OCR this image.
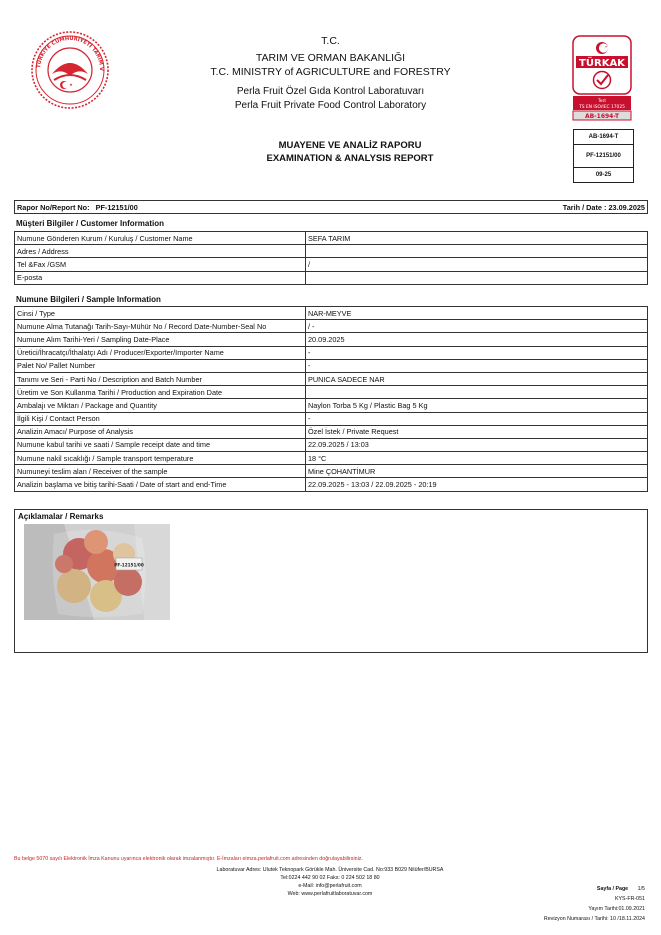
TÜRKİYE CUMHURİYETİ TARIM V
T.C.
TARIM VE ORMAN BAKANLIĞI
T.C. MINISTRY of AGRICULTURE and FORESTRY
Perla Fruit Özel Gıda Kontrol Laboratuvarı
Perla Fruit Private Food Control Laboratory
TÜRKAK
Test
TS EN ISO/IEC 17025
AB-1694-T
MUAYENE VE ANALİZ RAPORU
EXAMINATION & ANALYSIS REPORT
AB-1694-T
PF-12151/00
09-25
Rapor No/Report No: PF-12151/00	Tarih / Date : 23.09.2025
Müşteri Bilgiler / Customer Information
Numune Gönderen Kurum / Kuruluş / Customer Name	SEFA TARIM
Adres / Address	
Tel &Fax /GSM	/
E-posta	
Numune Bilgileri / Sample Information
Cinsi / Type	NAR-MEYVE
Numune Alma Tutanağı Tarih-Sayı-Mühür No / Record Date-Number-Seal No	/ -
Numune Alım Tarihi-Yeri / Sampling Date-Place	20.09.2025
Üretici/İhracatçı/İthalatçı Adı / Producer/Exporter/Importer Name	-
Palet No/ Pallet Number	-
Tanımı ve Seri - Parti No / Description and Batch Number	PUNICA SADECE NAR
Üretim ve Son Kullanma Tarihi / Production and Expiration Date	
Ambalajı ve Miktarı / Package and Quantity	Naylon Torba 5 Kg / Plastic Bag 5 Kg
İlgili Kişi / Contact Person	-
Analizin Amacı/ Purpose of Analysis	Özel İstek / Private Request
Numune kabul tarihi ve saati / Sample receipt date and time	22.09.2025 / 13:03
Numune nakil sıcaklığı / Sample transport temperature	18 °C
Numuneyi teslim alan / Receiver of the sample	Mine ÇOHANTİMUR
Analizin başlama ve bitiş tarihi-Saati / Date of start and end-Time	22.09.2025 - 13:03 / 22.09.2025 - 20:19
Açıklamalar / Remarks
PF-12151/00
Bu belge 5070 sayılı Elektronik İmza Kanunu uyarınca elektronik olarak imzalanmıştır. E-İmzaları eimza.perlafruit.com adresinden doğrulayabilirsiniz.
Laboratuvar Adres: Ulutek Teknopark Görükle Mah. Üniversite Cad. No:933 B029 Nilüfer/BURSA
Tel:0224 442 90 02 Faks: 0 224 502 18 80
e-Mail: info@perlafruit.com
Web: www.perlafruitlaboratuvar.com
Sayfa / Page 1/5
KYS-FR-051
Yayım Tarihi:01.09.2021
Revizyon Numarası / Tarihi: 10 /18.11.2024
